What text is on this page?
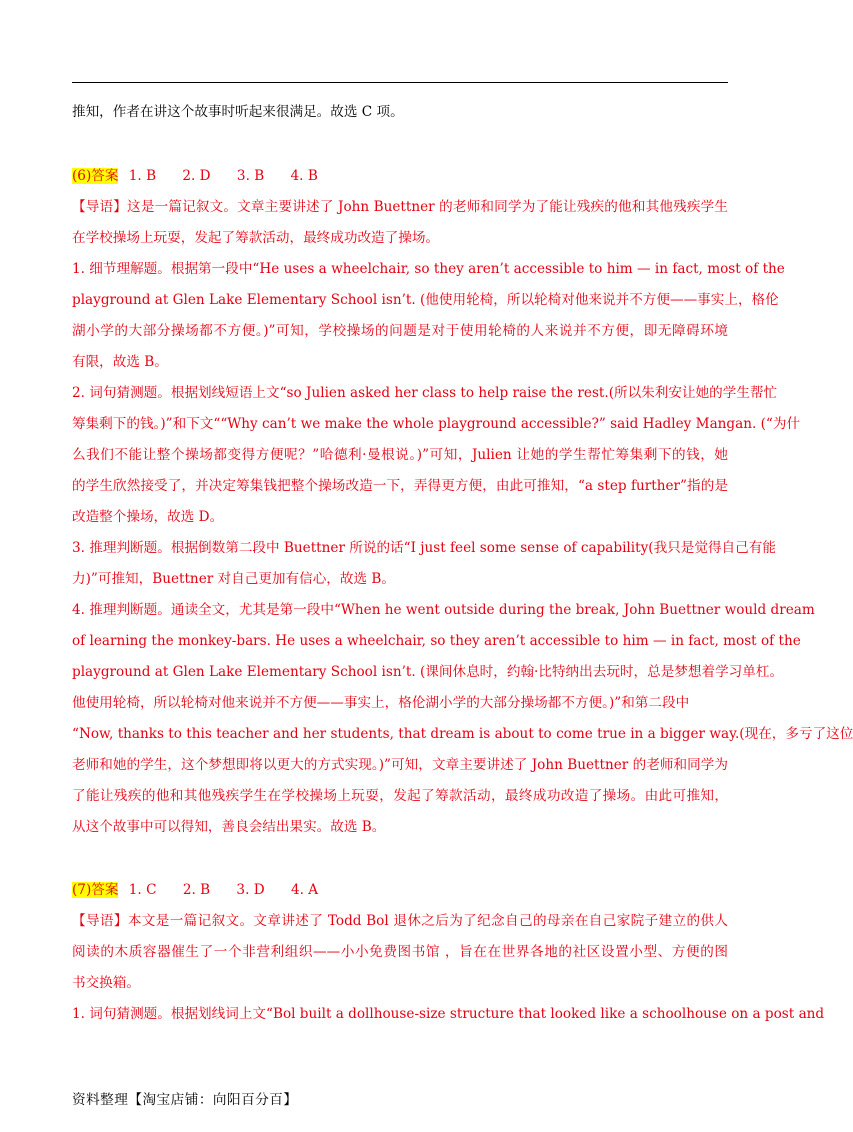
推知，作者在讲这个故事时听起来很满足。故选 C 项。
(6)答案 1. B 2. D 3. B 4. B
【导语】这是一篇记叙文。文章主要讲述了 John Buettner 的老师和同学为了能让残疾的他和其他残疾学生
在学校操场上玩耍，发起了筹款活动，最终成功改造了操场。
1. 细节理解题。根据第一段中“He uses a wheelchair, so they aren’t accessible to him — in fact, most of the
playground at Glen Lake Elementary School isn’t. (他使用轮椅，所以轮椅对他来说并不方便——事实上，格伦
湖小学的大部分操场都不方便。)”可知，学校操场的问题是对于使用轮椅的人来说并不方便，即无障碍环境
有限，故选 B。
2. 词句猜测题。根据划线短语上文“so Julien asked her class to help raise the rest.(所以朱利安让她的学生帮忙
筹集剩下的钱。)”和下文““Why can’t we make the whole playground accessible?” said Hadley Mangan. (“为什
么我们不能让整个操场都变得方便呢？”哈德利·曼根说。)”可知，Julien 让她的学生帮忙筹集剩下的钱，她
的学生欣然接受了，并决定筹集钱把整个操场改造一下，弄得更方便，由此可推知，“a step further”指的是
改造整个操场，故选 D。
3. 推理判断题。根据倒数第二段中 Buettner 所说的话“I just feel some sense of capability(我只是觉得自己有能
力)”可推知，Buettner 对自己更加有信心，故选 B。
4. 推理判断题。通读全文，尤其是第一段中“When he went outside during the break, John Buettner would dream
of learning the monkey-bars. He uses a wheelchair, so they aren’t accessible to him — in fact, most of the
playground at Glen Lake Elementary School isn’t. (课间休息时，约翰·比特纳出去玩时，总是梦想着学习单杠。
他使用轮椅，所以轮椅对他来说并不方便——事实上，格伦湖小学的大部分操场都不方便。)”和第二段中
“Now, thanks to this teacher and her students, that dream is about to come true in a bigger way.(现在，多亏了这位
老师和她的学生，这个梦想即将以更大的方式实现。)”可知，文章主要讲述了 John Buettner 的老师和同学为
了能让残疾的他和其他残疾学生在学校操场上玩耍，发起了筹款活动，最终成功改造了操场。由此可推知，
从这个故事中可以得知，善良会结出果实。故选 B。
(7)答案 1. C 2. B 3. D 4. A
【导语】本文是一篇记叙文。文章讲述了 Todd Bol 退休之后为了纪念自己的母亲在自己家院子建立的供人
阅读的木质容器催生了一个非营利组织——小小免费图书馆 ，旨在在世界各地的社区设置小型、方便的图
书交换箱。
1. 词句猜测题。根据划线词上文“Bol built a dollhouse-size structure that looked like a schoolhouse on a post and
资料整理【淘宝店铺：向阳百分百】
